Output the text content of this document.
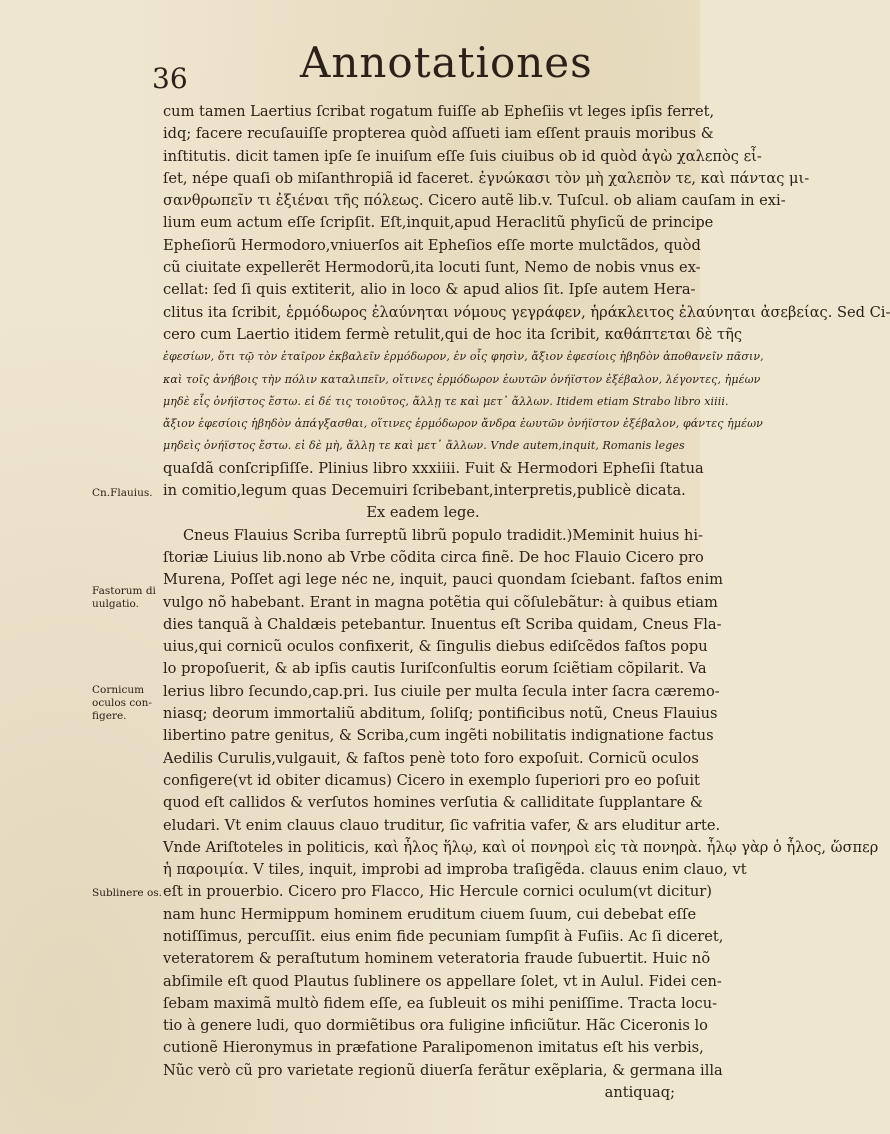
36	Annotationes
Cn.Flauius.
Fastorum di uulgatio.
Cornicum oculos con-figere.
Sublinere os.
cum tamen Laertius ſcribat rogatum fuiſſe ab Epheſiis vt leges ipſis ferret,
idq; facere recuſauiſſe propterea quòd aſſueti iam eſſent prauis moribus &
inſtitutis. dicit tamen ipſe ſe inuiſum eſſe ſuis ciuibus ob id quòd ἀγὼ χαλεπὸς εἶ-
ſet, népe quaſi ob miſanthropiã id faceret. ἐγνώκασι τὸν μὴ χαλεπὸν τε, καὶ πάντας μι-
σανθρωπεῖν τι ἐξιέναι τῆς πόλεως. Cicero autẽ lib.v. Tuſcul. ob aliam cauſam in exi-
lium eum actum eſſe ſcripſit. Eſt,inquit,apud Heraclitũ phyſicũ de principe
Epheſiorũ Hermodoro,vniuerſos ait Epheſios eſſe morte mulctãdos, quòd
cũ ciuitate expellerẽt Hermodorũ,ita locuti ſunt, Nemo de nobis vnus ex-
cellat: ſed ſi quis extiterit, alio in loco & apud alios ſit. Ipſe autem Hera-
clitus ita ſcribit, ἑρμόδωρος ἐλαύνηται νόμους γεγράφεν, ἡράκλειτος ἐλαύνηται ἀσεβείας. Sed Ci-
cero cum Laertio itidem fermè retulit,qui de hoc ita ſcribit, καθάπτεται δὲ τῆς
ἐφεσίων, ὅτι τῷ τὸν ἑταῖρον ἐκβαλεῖν ἑρμόδωρον, ἐν οἷς φησὶν, ἄξιον ἐφεσίοις ἡβηδὸν ἀποθανεῖν πᾶσιν,
καὶ τοῖς ἀνήβοις τὴν πόλιν καταλιπεῖν, οἵτινες ἑρμόδωρον ἑωυτῶν ὀνήϊστον ἐξέβαλον, λέγοντες, ἡμέων
μηδὲ εἷς ὀνήϊστος ἔστω. εἰ δέ τις τοιοῦτος, ἄλλῃ τε καὶ μετ᾽ ἄλλων. Itidem etiam Strabo libro xiiii.
ἄξιον ἐφεσίοις ἡβηδὸν ἀπάγξασθαι, οἵτινες ἑρμόδωρον ἄνδρα ἑωυτῶν ὀνήϊστον ἐξέβαλον, φάντες ἡμέων
μηδεὶς ὀνήϊστος ἔστω. εἰ δὲ μὴ, ἄλλῃ τε καὶ μετ᾽ ἄλλων. Vnde autem,inquit, Romanis leges
quaſdã conſcripſiſſe. Plinius libro xxxiiii. Fuit & Hermodori Epheſii ſtatua
in comitio,legum quas Decemuiri ſcribebant,interpretis,publicè dicata.
Ex eadem lege.
Cneus Flauius Scriba ſurreptũ librũ populo tradidit.)Meminit huius hi-
ſtoriæ Liuius lib.nono ab Vrbe cõdita circa finẽ. De hoc Flauio Cicero pro
Murena, Poſſet agi lege néc ne, inquit, pauci quondam ſciebant. faſtos enim
vulgo nõ habebant. Erant in magna potẽtia qui cõſulebãtur: à quibus etiam
dies tanquã à Chaldæis petebantur. Inuentus eſt Scriba quidam, Cneus Fla-
uius,qui cornicũ oculos confixerit, & ſingulis diebus ediſcẽdos faſtos popu
lo propoſuerit, & ab ipſis cautis Iuriſconſultis eorum ſciẽtiam cõpilarit. Va
lerius libro ſecundo,cap.pri. Ius ciuile per multa ſecula inter ſacra cæremo-
niasq; deorum immortaliũ abditum, ſoliſq; pontificibus notũ, Cneus Flauius
libertino patre genitus, & Scriba,cum ingẽti nobilitatis indignatione factus
Aedilis Curulis,vulgauit, & faſtos penè toto foro expoſuit. Cornicũ oculos
configere(vt id obiter dicamus) Cicero in exemplo ſuperiori pro eo poſuit
quod eſt callidos & verſutos homines verſutia & calliditate ſupplantare &
eludari. Vt enim clauus clauo truditur, ſic vafritia vafer, & ars eluditur arte.
Vnde Ariſtoteles in politicis, καὶ ἧλος ἥλῳ, καὶ οἱ πονηροὶ εἰς τὰ πονηρὰ. ἧλῳ γὰρ ὁ ἧλος, ὥσπερ
ἡ παροιμία. V tiles, inquit, improbi ad improba traſigẽda. clauus enim clauo, vt
eſt in prouerbio. Cicero pro Flacco, Hic Hercule cornici oculum(vt dicitur)
nam hunc Hermippum hominem eruditum ciuem ſuum, cui debebat eſſe
notiſſimus, percuſſit. eius enim fide pecuniam ſumpſit à Fuſiis. Ac ſi diceret,
veteratorem & peraſtutum hominem veteratoria fraude ſubuertit. Huic nõ
abſimile eſt quod Plautus ſublinere os appellare ſolet, vt in Aulul. Fidei cen-
ſebam maximã multò fidem eſſe, ea ſubleuit os mihi peniſſime. Tracta locu-
tio à genere ludi, quo dormiẽtibus ora fuligine inficiũtur. Hãc Ciceronis lo
cutionẽ Hieronymus in præfatione Paralipomenon imitatus eſt his verbis,
Nũc verò cũ pro varietate regionũ diuerſa ferãtur exẽplaria, & germana illa
antiquaq;
